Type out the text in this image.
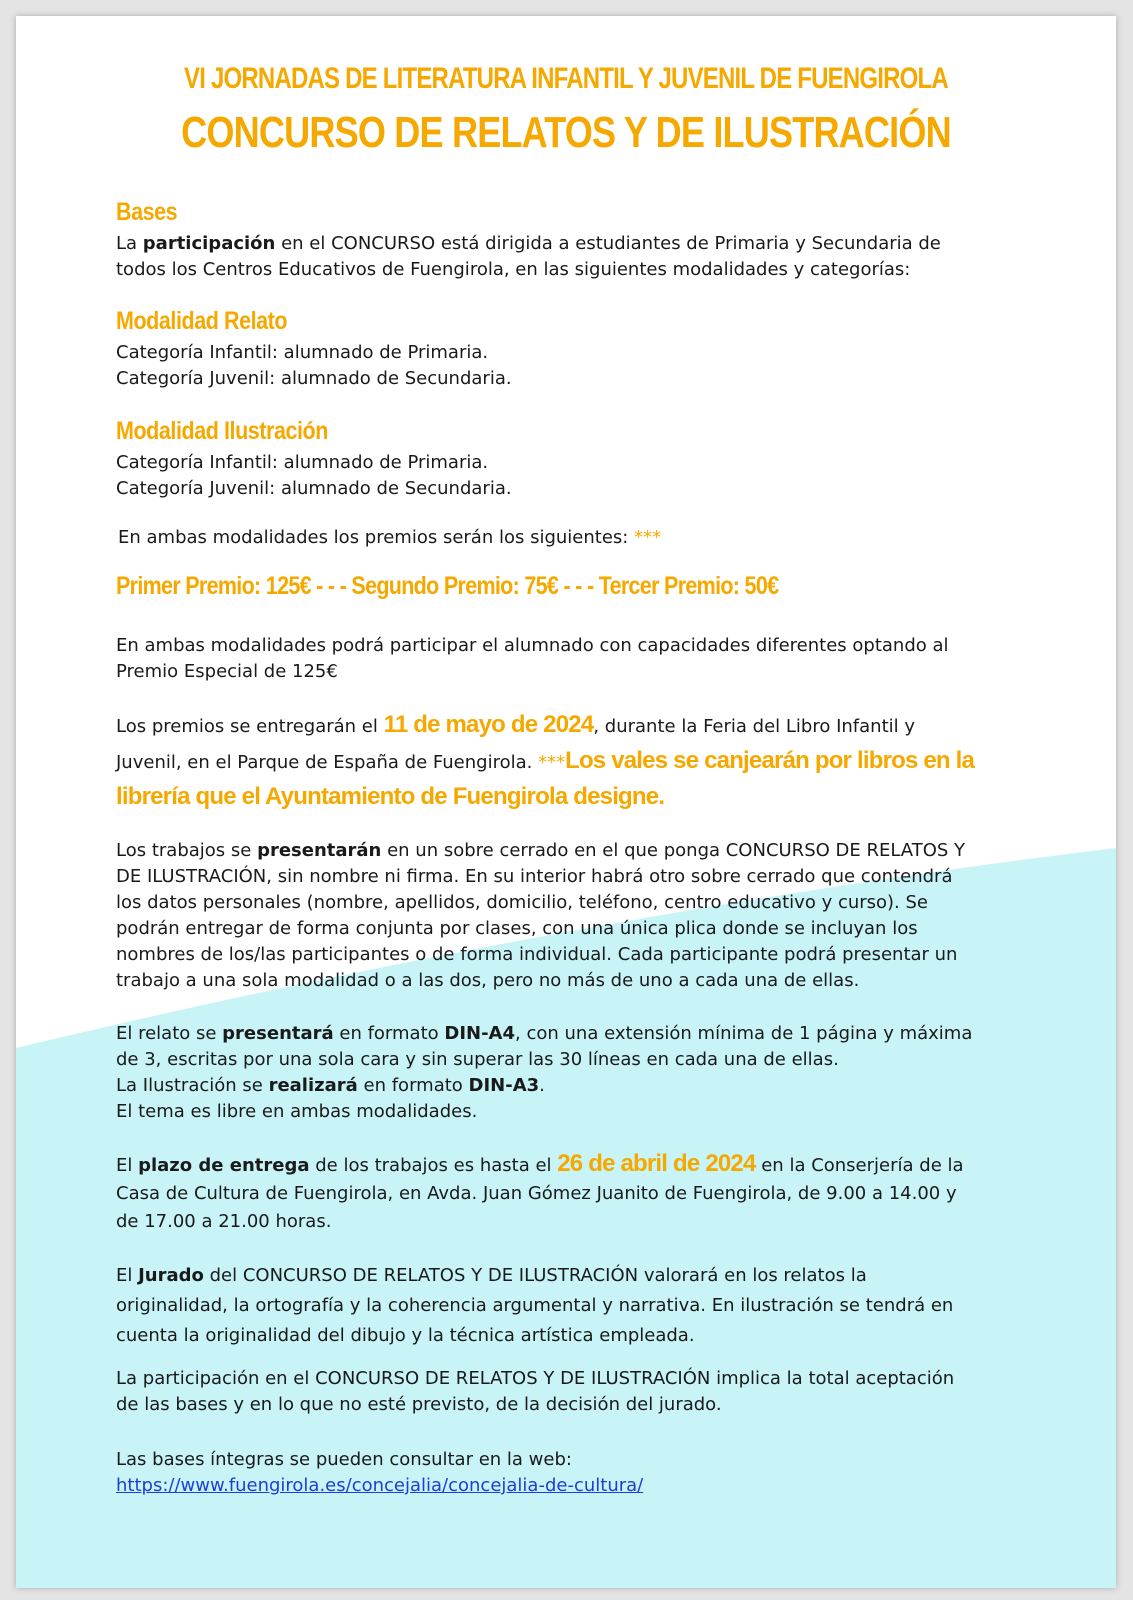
VI JORNADAS DE LITERATURA INFANTIL Y JUVENIL DE FUENGIROLA
CONCURSO DE RELATOS Y DE ILUSTRACIÓN
Bases
La participación en el CONCURSO está dirigida a estudiantes de Primaria y Secundaria de
todos los Centros Educativos de Fuengirola, en las siguientes modalidades y categorías:
Modalidad Relato
Categoría Infantil: alumnado de Primaria.
Categoría Juvenil: alumnado de Secundaria.
Modalidad Ilustración
Categoría Infantil: alumnado de Primaria.
Categoría Juvenil: alumnado de Secundaria.
En ambas modalidades los premios serán los siguientes: ***
Primer Premio: 125€ - - - Segundo Premio: 75€ - - - Tercer Premio: 50€
En ambas modalidades podrá participar el alumnado con capacidades diferentes optando al
Premio Especial de 125€
Los premios se entregarán el 11 de mayo de 2024, durante la Feria del Libro Infantil y
Juvenil, en el Parque de España de Fuengirola. ***Los vales se canjearán por libros en la
librería que el Ayuntamiento de Fuengirola designe.
Los trabajos se presentarán en un sobre cerrado en el que ponga CONCURSO DE RELATOS Y
DE ILUSTRACIÓN, sin nombre ni firma. En su interior habrá otro sobre cerrado que contendrá
los datos personales (nombre, apellidos, domicilio, teléfono, centro educativo y curso). Se
podrán entregar de forma conjunta por clases, con una única plica donde se incluyan los
nombres de los/las participantes o de forma individual. Cada participante podrá presentar un
trabajo a una sola modalidad o a las dos, pero no más de uno a cada una de ellas.
El relato se presentará en formato DIN-A4, con una extensión mínima de 1 página y máxima
de 3, escritas por una sola cara y sin superar las 30 líneas en cada una de ellas.
La Ilustración se realizará en formato DIN-A3.
El tema es libre en ambas modalidades.
El plazo de entrega de los trabajos es hasta el 26 de abril de 2024 en la Conserjería de la
Casa de Cultura de Fuengirola, en Avda. Juan Gómez Juanito de Fuengirola, de 9.00 a 14.00 y
de 17.00 a 21.00 horas.
El Jurado del CONCURSO DE RELATOS Y DE ILUSTRACIÓN valorará en los relatos la
originalidad, la ortografía y la coherencia argumental y narrativa. En ilustración se tendrá en
cuenta la originalidad del dibujo y la técnica artística empleada.
La participación en el CONCURSO DE RELATOS Y DE ILUSTRACIÓN implica la total aceptación
de las bases y en lo que no esté previsto, de la decisión del jurado.
Las bases íntegras se pueden consultar en la web:
https://www.fuengirola.es/concejalia/concejalia-de-cultura/
